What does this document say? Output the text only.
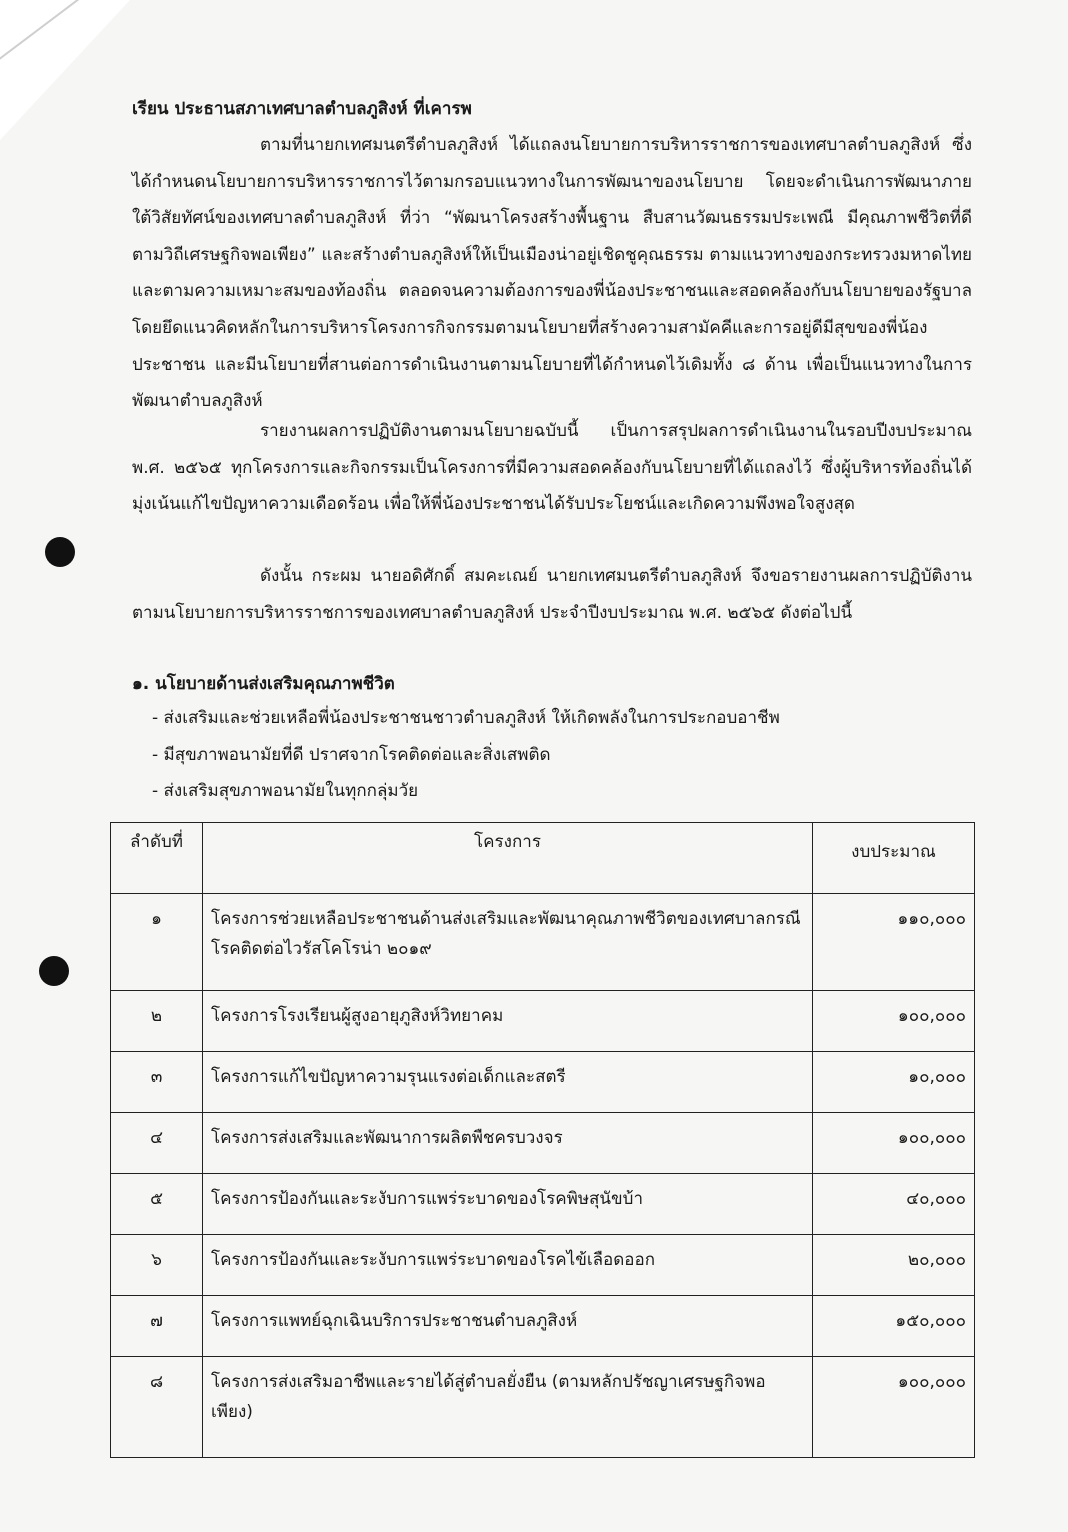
เรียน ประธานสภาเทศบาลตำบลภูสิงห์ ที่เคารพ

ตามที่นายกเทศมนตรีตำบลภูสิงห์ ได้แถลงนโยบายการบริหารราชการของเทศบาลตำบลภูสิงห์ ซึ่งได้กำหนดนโยบายการบริหารราชการไว้ตามกรอบแนวทางในการพัฒนาของนโยบาย โดยจะดำเนินการพัฒนาภายใต้วิสัยทัศน์ของเทศบาลตำบลภูสิงห์ ที่ว่า “พัฒนาโครงสร้างพื้นฐาน สืบสานวัฒนธรรมประเพณี มีคุณภาพชีวิตที่ดี ตามวิถีเศรษฐกิจพอเพียง” และสร้างตำบลภูสิงห์ให้เป็นเมืองน่าอยู่เชิดชูคุณธรรม ตามแนวทางของกระทรวงมหาดไทย และตามความเหมาะสมของท้องถิ่น ตลอดจนความต้องการของพี่น้องประชาชนและสอดคล้องกับนโยบายของรัฐบาล โดยยึดแนวคิดหลักในการบริหารโครงการกิจกรรมตามนโยบายที่สร้างความสามัคคีและการอยู่ดีมีสุขของพี่น้องประชาชน และมีนโยบายที่สานต่อการดำเนินงานตามนโยบายที่ได้กำหนดไว้เดิมทั้ง ๘ ด้าน เพื่อเป็นแนวทางในการพัฒนาตำบลภูสิงห์

รายงานผลการปฏิบัติงานตามนโยบายฉบับนี้ เป็นการสรุปผลการดำเนินงานในรอบปีงบประมาณ พ.ศ. ๒๕๖๕ ทุกโครงการและกิจกรรมเป็นโครงการที่มีความสอดคล้องกับนโยบายที่ได้แถลงไว้ ซึ่งผู้บริหารท้องถิ่นได้มุ่งเน้นแก้ไขปัญหาความเดือดร้อน เพื่อให้พี่น้องประชาชนได้รับประโยชน์และเกิดความพึงพอใจสูงสุด

ดังนั้น กระผม นายอดิศักดิ์ สมคะเณย์ นายกเทศมนตรีตำบลภูสิงห์ จึงขอรายงานผลการปฏิบัติงานตามนโยบายการบริหารราชการของเทศบาลตำบลภูสิงห์ ประจำปีงบประมาณ พ.ศ. ๒๕๖๕ ดังต่อไปนี้

๑. นโยบายด้านส่งเสริมคุณภาพชีวิต
- ส่งเสริมและช่วยเหลือพี่น้องประชาชนชาวตำบลภูสิงห์ ให้เกิดพลังในการประกอบอาชีพ
- มีสุขภาพอนามัยที่ดี ปราศจากโรคติดต่อและสิ่งเสพติด
- ส่งเสริมสุขภาพอนามัยในทุกกลุ่มวัย
ลำดับที่	โครงการ	งบประมาณ
๑	โครงการช่วยเหลือประชาชนด้านส่งเสริมและพัฒนาคุณภาพชีวิตของเทศบาลกรณีโรคติดต่อไวรัสโคโรน่า ๒๐๑๙	๑๑๐,๐๐๐
๒	โครงการโรงเรียนผู้สูงอายุภูสิงห์วิทยาคม	๑๐๐,๐๐๐
๓	โครงการแก้ไขปัญหาความรุนแรงต่อเด็กและสตรี	๑๐,๐๐๐
๔	โครงการส่งเสริมและพัฒนาการผลิตพืชครบวงจร	๑๐๐,๐๐๐
๕	โครงการป้องกันและระงับการแพร่ระบาดของโรคพิษสุนัขบ้า	๔๐,๐๐๐
๖	โครงการป้องกันและระงับการแพร่ระบาดของโรคไข้เลือดออก	๒๐,๐๐๐
๗	โครงการแพทย์ฉุกเฉินบริการประชาชนตำบลภูสิงห์	๑๕๐,๐๐๐
๘	โครงการส่งเสริมอาชีพและรายได้สู่ตำบลยั่งยืน (ตามหลักปรัชญาเศรษฐกิจพอเพียง)	๑๐๐,๐๐๐
